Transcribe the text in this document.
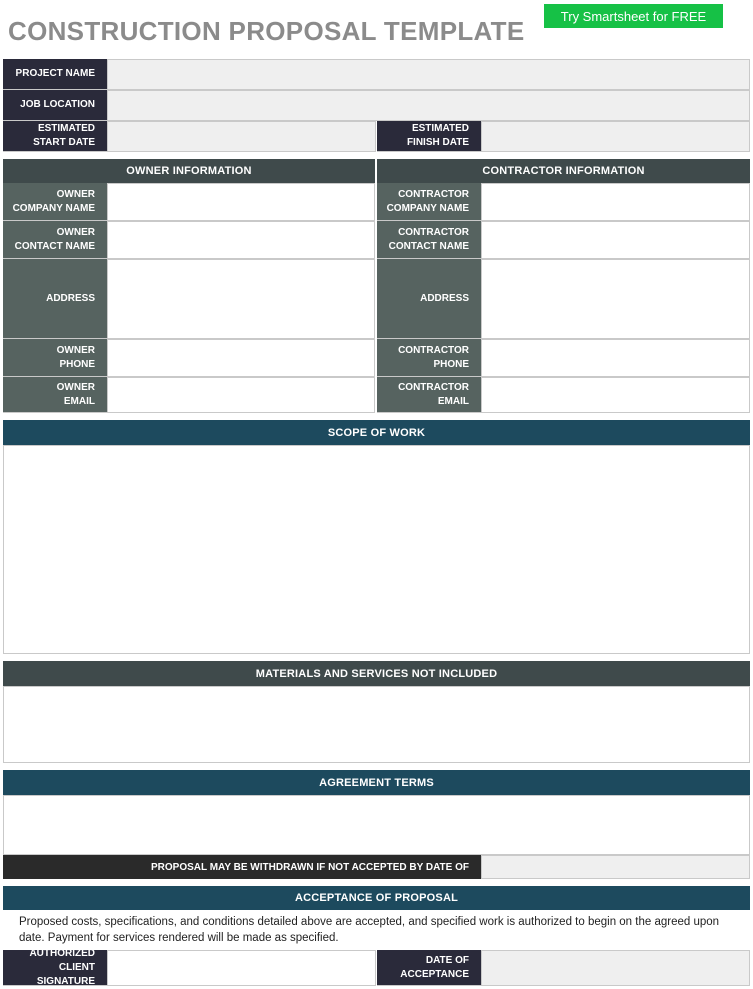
CONSTRUCTION PROPOSAL TEMPLATE	Try Smartsheet for FREE
PROJECT NAME
JOB LOCATION
ESTIMATED
START DATE
ESTIMATED
FINISH DATE
OWNER INFORMATION	CONTRACTOR INFORMATION
OWNER
COMPANY NAME
OWNER
CONTACT NAME
ADDRESS
OWNER
PHONE
OWNER
EMAIL
CONTRACTOR
COMPANY NAME
CONTRACTOR
CONTACT NAME
ADDRESS
CONTRACTOR
PHONE
CONTRACTOR
EMAIL
SCOPE OF WORK
MATERIALS AND SERVICES NOT INCLUDED
AGREEMENT TERMS
PROPOSAL MAY BE WITHDRAWN IF NOT ACCEPTED BY DATE OF
ACCEPTANCE OF PROPOSAL
Proposed costs, specifications, and conditions detailed above are accepted, and specified work is authorized to begin on the agreed upon date. Payment for services rendered will be made as specified.
AUTHORIZED
CLIENT SIGNATURE
DATE OF
ACCEPTANCE
